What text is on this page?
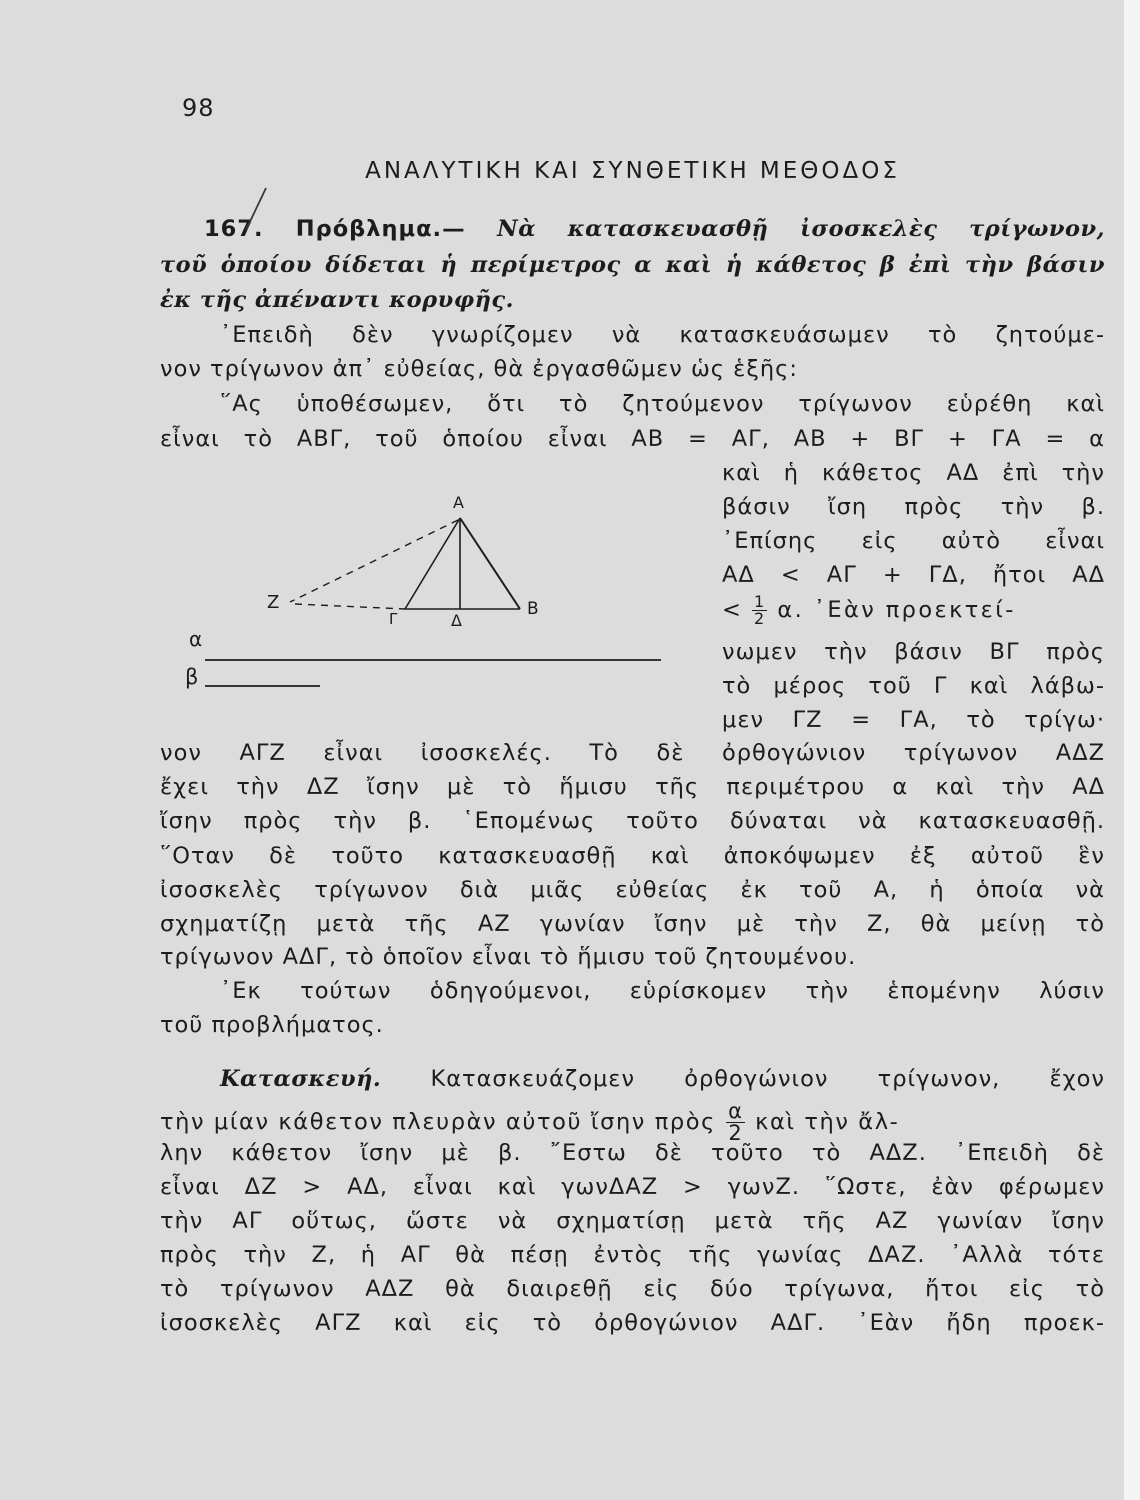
98
ΑΝΑΛΥΤΙΚΗ ΚΑΙ ΣΥΝΘΕΤΙΚΗ ΜΕΘΟΔΟΣ
167. Πρόβλημα.— Νὰ κατασκευασθῇ ἰσοσκελὲς τρίγωνον,
τοῦ ὁποίου δίδεται ἡ περίμετρος α καὶ ἡ κάθετος β ἐπὶ τὴν βάσιν
ἐκ τῆς ἀπέναντι κορυφῆς.
᾿Επειδὴ δὲν γνωρίζομεν νὰ κατασκευάσωμεν τὸ ζητούμε-
νον τρίγωνον ἀπ᾿ εὐθείας, θὰ ἐργασθῶμεν ὡς ἑξῆς:
῞Ας ὑποθέσωμεν, ὅτι τὸ ζητούμενον τρίγωνον εὑρέθη καὶ
εἶναι τὸ ΑΒΓ, τοῦ ὁποίου εἶναι ΑΒ = ΑΓ, ΑΒ + ΒΓ + ΓΑ = α
καὶ ἡ κάθετος ΑΔ ἐπὶ τὴν
βάσιν ἴση πρὸς τὴν β.
᾿Επίσης εἰς αὐτὸ εἶναι
ΑΔ < ΑΓ + ΓΔ, ἤτοι ΑΔ
< $\frac{1}{2} \alpha$. ᾿Εὰν προεκτεί-
νωμεν τὴν βάσιν ΒΓ πρὸς
τὸ μέρος τοῦ Γ καὶ λάβω-
μεν ΓΖ = ΓΑ, τὸ τρίγω·
νον ΑΓΖ εἶναι ἰσοσκελές. Τὸ δὲ ὀρθογώνιον τρίγωνον ΑΔΖ
ἔχει τὴν ΔΖ ἴσην μὲ τὸ ἥμισυ τῆς περιμέτρου α καὶ τὴν ΑΔ
ἴσην πρὸς τὴν β. ῾Επομένως τοῦτο δύναται νὰ κατασκευασθῇ.
῞Οταν δὲ τοῦτο κατασκευασθῇ καὶ ἀποκόψωμεν ἐξ αὐτοῦ ἓν
ἰσοσκελὲς τρίγωνον διὰ μιᾶς εὐθείας ἐκ τοῦ Α, ἡ ὁποία νὰ
σχηματίζῃ μετὰ τῆς ΑΖ γωνίαν ἴσην μὲ τὴν Ζ, θὰ μείνῃ τὸ
τρίγωνον ΑΔΓ, τὸ ὁποῖον εἶναι τὸ ἥμισυ τοῦ ζητουμένου.
᾿Εκ τούτων ὁδηγούμενοι, εὑρίσκομεν τὴν ἑπομένην λύσιν
τοῦ προβλήματος.
Κατασκευή. Κατασκευάζομεν ὀρθογώνιον τρίγωνον, ἔχον
τὴν μίαν κάθετον πλευρὰν αὐτοῦ ἴσην πρὸς $\frac{\alpha}{2}$ καὶ τὴν ἄλ-
λην κάθετον ἴσην μὲ β. ῎Εστω δὲ τοῦτο τὸ ΑΔΖ. ᾿Επειδὴ δὲ
εἶναι ΔΖ > ΑΔ, εἶναι καὶ γωνΔΑΖ > γωνΖ. ῞Ωστε, ἐὰν φέρωμεν
τὴν ΑΓ οὕτως, ὥστε νὰ σχηματίσῃ μετὰ τῆς ΑΖ γωνίαν ἴσην
πρὸς τὴν Ζ, ἡ ΑΓ θὰ πέσῃ ἐντὸς τῆς γωνίας ΔΑΖ. ᾿Αλλὰ τότε
τὸ τρίγωνον ΑΔΖ θὰ διαιρεθῇ εἰς δύο τρίγωνα, ἤτοι εἰς τὸ
ἰσοσκελὲς ΑΓΖ καὶ εἰς τὸ ὀρθογώνιον ΑΔΓ. ᾿Εὰν ἤδη προεκ-
Α
Β
Γ	Δ
Ζ
α
β
